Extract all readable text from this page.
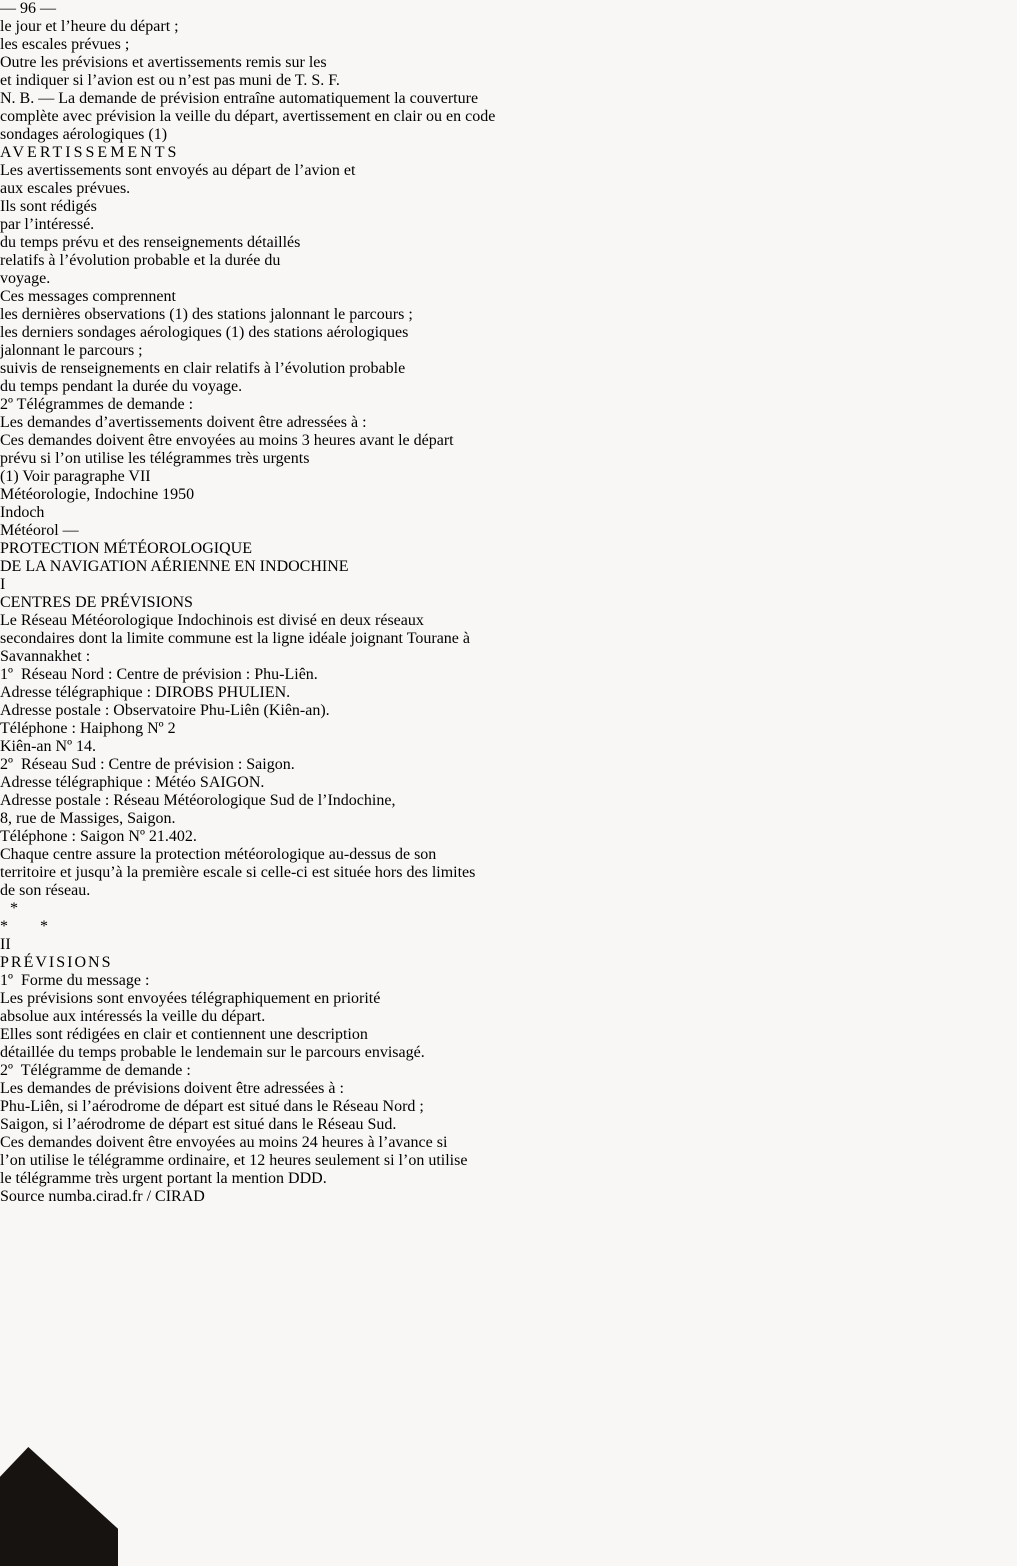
— 96 —
le jour et l’heure du départ ;
les escales prévues ;
Outre les prévisions et avertissements remis sur les
et indiquer si l’avion est ou n’est pas muni de T. S. F.
N. B. — La demande de prévision entraîne automatiquement la couverture
complète avec prévision la veille du départ, avertissement en clair ou en code
sondages aérologiques (1)
AVERTISSEMENTS
Les avertissements sont envoyés au départ de l’avion et
aux escales prévues.
Ils sont rédigés
par l’intéressé.
du temps prévu et des renseignements détaillés
relatifs à l’évolution probable et la durée du
voyage.
Ces messages comprennent
les dernières observations (1) des stations jalonnant le parcours ;
les derniers sondages aérologiques (1) des stations aérologiques
jalonnant le parcours ;
suivis de renseignements en clair relatifs à l’évolution probable
du temps pendant la durée du voyage.
2º Télégrammes de demande :
Les demandes d’avertissements doivent être adressées à :
Ces demandes doivent être envoyées au moins 3 heures avant le départ
prévu si l’on utilise les télégrammes très urgents
(1) Voir paragraphe VII
Météorologie, Indochine 1950
Indoch
Météorol —
PROTECTION MÉTÉOROLOGIQUE
DE LA NAVIGATION AÉRIENNE EN INDOCHINE
I
CENTRES DE PRÉVISIONS
Le Réseau Météorologique Indochinois est divisé en deux réseaux
secondaires dont la limite commune est la ligne idéale joignant Tourane à
Savannakhet :
1º Réseau Nord : Centre de prévision : Phu-Liên.
Adresse télégraphique : DIROBS PHULIEN.
Adresse postale : Observatoire Phu-Liên (Kiên-an).
Téléphone : Haiphong Nº 2
Kiên-an Nº 14.
2º Réseau Sud : Centre de prévision : Saigon.
Adresse télégraphique : Météo SAIGON.
Adresse postale : Réseau Météorologique Sud de l’Indochine,
8, rue de Massiges, Saigon.
Téléphone : Saigon Nº 21.402.
Chaque centre assure la protection météorologique au-dessus de son
territoire et jusqu’à la première escale si celle-ci est située hors des limites
de son réseau.
*
* *
II
PRÉVISIONS
1º Forme du message :
Les prévisions sont envoyées télégraphiquement en priorité
absolue aux intéressés la veille du départ.
Elles sont rédigées en clair et contiennent une description
détaillée du temps probable le lendemain sur le parcours envisagé.
2º Télégramme de demande :
Les demandes de prévisions doivent être adressées à :
Phu-Liên, si l’aérodrome de départ est situé dans le Réseau Nord ;
Saigon, si l’aérodrome de départ est situé dans le Réseau Sud.
Ces demandes doivent être envoyées au moins 24 heures à l’avance si
l’on utilise le télégramme ordinaire, et 12 heures seulement si l’on utilise
le télégramme très urgent portant la mention DDD.
Source numba.cirad.fr / CIRAD
